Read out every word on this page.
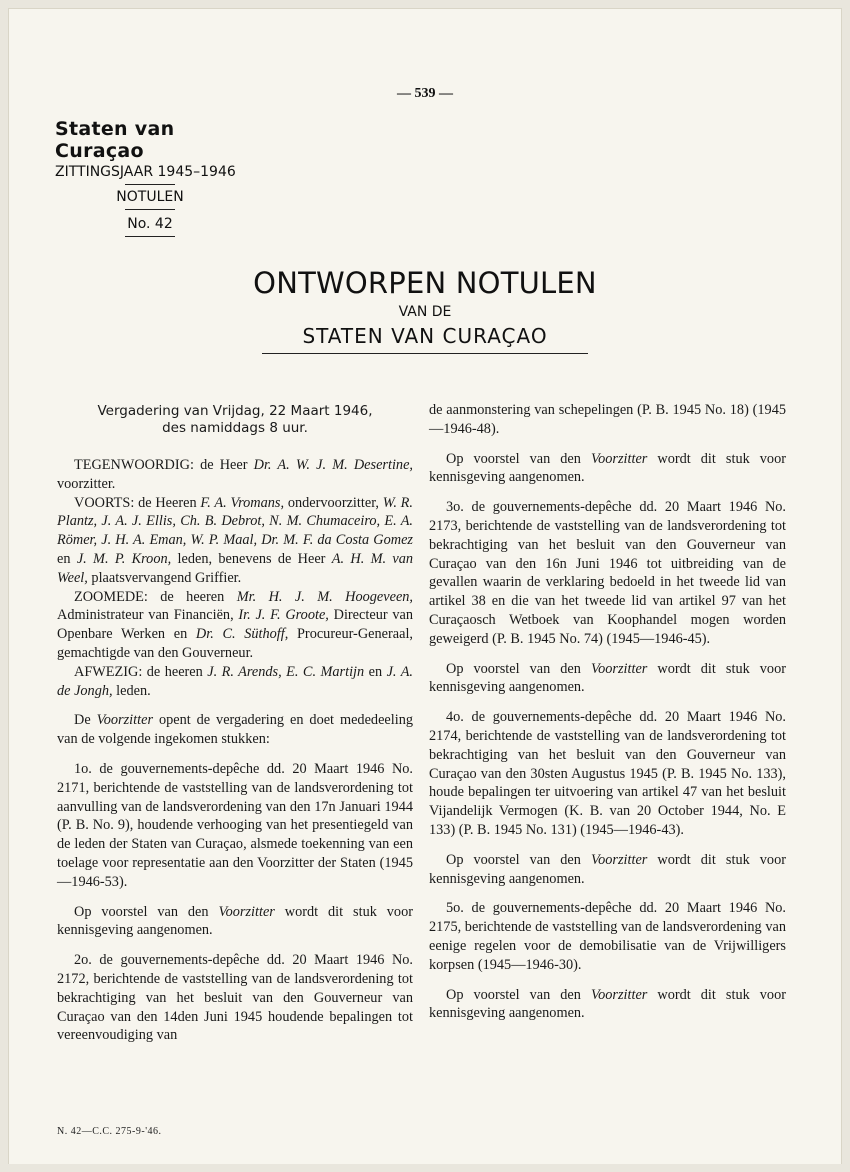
— 539 —
Staten van Curaçao
ZITTINGSJAAR 1945–1946
NOTULEN
No. 42
ONTWORPEN NOTULEN
VAN DE
STATEN VAN CURAÇAO
Vergadering van Vrijdag, 22 Maart 1946,
des namiddags 8 uur.

TEGENWOORDIG: de Heer Dr. A. W. J. M. Desertine, voorzitter.

VOORTS: de Heeren F. A. Vromans, ondervoorzitter, W. R. Plantz, J. A. J. Ellis, Ch. B. Debrot, N. M. Chumaceiro, E. A. Römer, J. H. A. Eman, W. P. Maal, Dr. M. F. da Costa Gomez en J. M. P. Kroon, leden, benevens de Heer A. H. M. van Weel, plaatsvervangend Griffier.

ZOOMEDE: de heeren Mr. H. J. M. Hoogeveen, Administrateur van Financiën, Ir. J. F. Groote, Directeur van Openbare Werken en Dr. C. Süthoff, Procureur-Generaal, gemachtigde van den Gouverneur.

AFWEZIG: de heeren J. R. Arends, E. C. Martijn en J. A. de Jongh, leden.

De Voorzitter opent de vergadering en doet mededeeling van de volgende ingekomen stukken:

1o. de gouvernements-depêche dd. 20 Maart 1946 No. 2171, berichtende de vaststelling van de landsverordening tot aanvulling van de landsverordening van den 17n Januari 1944 (P. B. No. 9), houdende verhooging van het presentiegeld van de leden der Staten van Curaçao, alsmede toekenning van een toelage voor representatie aan den Voorzitter der Staten (1945—1946-53).

Op voorstel van den Voorzitter wordt dit stuk voor kennisgeving aangenomen.

2o. de gouvernements-depêche dd. 20 Maart 1946 No. 2172, berichtende de vaststelling van de landsverordening tot bekrachtiging van het besluit van den Gouverneur van Curaçao van den 14den Juni 1945 houdende bepalingen tot vereenvoudiging van

de aanmonstering van schepelingen (P. B. 1945 No. 18) (1945—1946-48).

Op voorstel van den Voorzitter wordt dit stuk voor kennisgeving aangenomen.

3o. de gouvernements-depêche dd. 20 Maart 1946 No. 2173, berichtende de vaststelling van de landsverordening tot bekrachtiging van het besluit van den Gouverneur van Curaçao van den 16n Juni 1946 tot uitbreiding van de gevallen waarin de verklaring bedoeld in het tweede lid van artikel 38 en die van het tweede lid van artikel 97 van het Curaçaosch Wetboek van Koophandel mogen worden geweigerd (P. B. 1945 No. 74) (1945—1946-45).

Op voorstel van den Voorzitter wordt dit stuk voor kennisgeving aangenomen.

4o. de gouvernements-depêche dd. 20 Maart 1946 No. 2174, berichtende de vaststelling van de landsverordening tot bekrachtiging van het besluit van den Gouverneur van Curaçao van den 30sten Augustus 1945 (P. B. 1945 No. 133), houde bepalingen ter uitvoering van artikel 47 van het besluit Vijandelijk Vermogen (K. B. van 20 October 1944, No. E 133) (P. B. 1945 No. 131) (1945—1946-43).

Op voorstel van den Voorzitter wordt dit stuk voor kennisgeving aangenomen.

5o. de gouvernements-depêche dd. 20 Maart 1946 No. 2175, berichtende de vaststelling van de landsverordening van eenige regelen voor de demobilisatie van de Vrijwilligers korpsen (1945—1946-30).

Op voorstel van den Voorzitter wordt dit stuk voor kennisgeving aangenomen.

N. 42—C.C. 275-9-'46.
